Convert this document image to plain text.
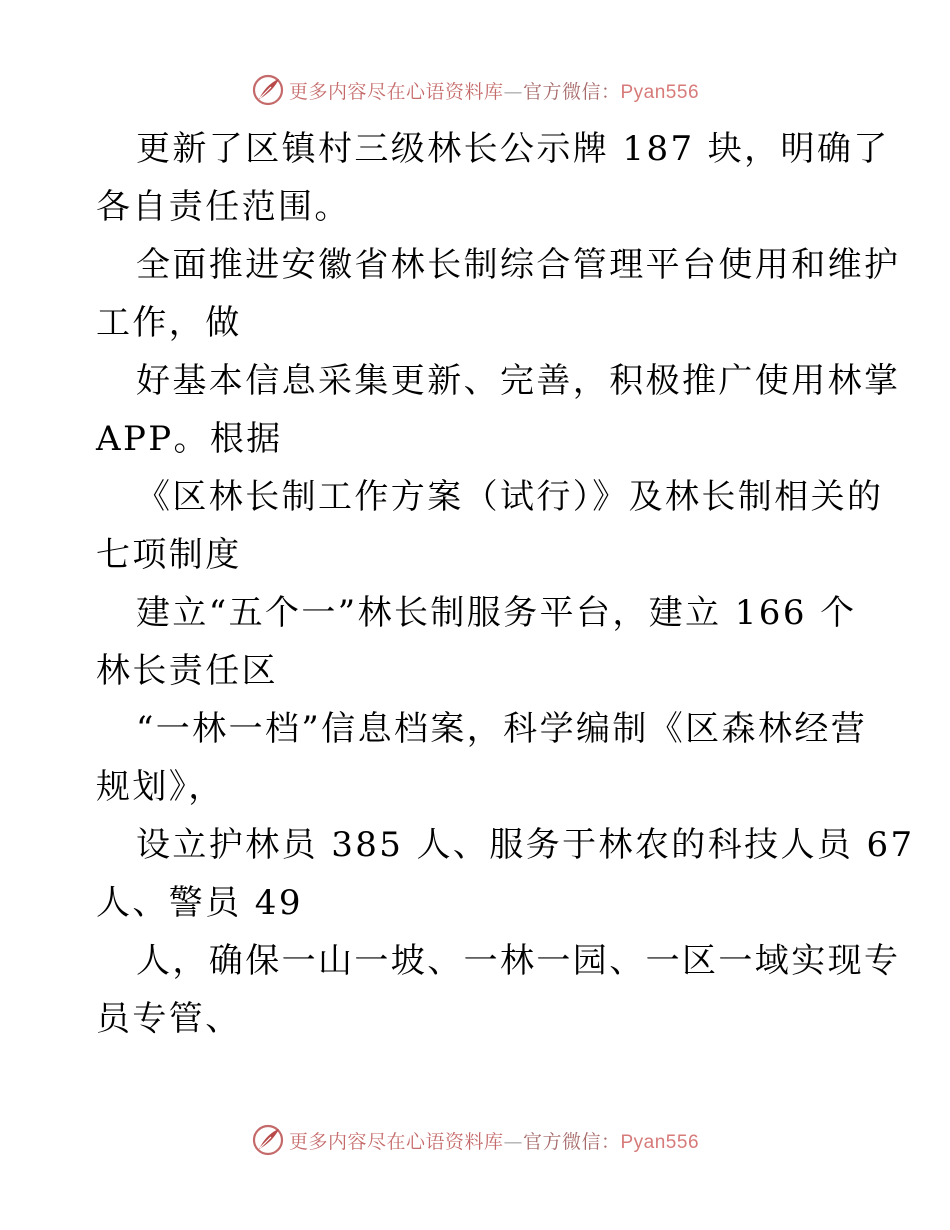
更多内容尽在心语资料库—官方微信：Pyan556
更新了区镇村三级林长公示牌 187 块，明确了
各自责任范围。
全面推进安徽省林长制综合管理平台使用和维护
工作，做
好基本信息采集更新、完善，积极推广使用林掌
APP。根据
《区林长制工作方案（试行）》及林长制相关的
七项制度
建立“五个一”林长制服务平台，建立 166 个
林长责任区
“一林一档”信息档案，科学编制《区森林经营
规划》，
设立护林员 385 人、服务于林农的科技人员 67
人、警员 49
人，确保一山一坡、一林一园、一区一域实现专
员专管、
更多内容尽在心语资料库—官方微信：Pyan556
